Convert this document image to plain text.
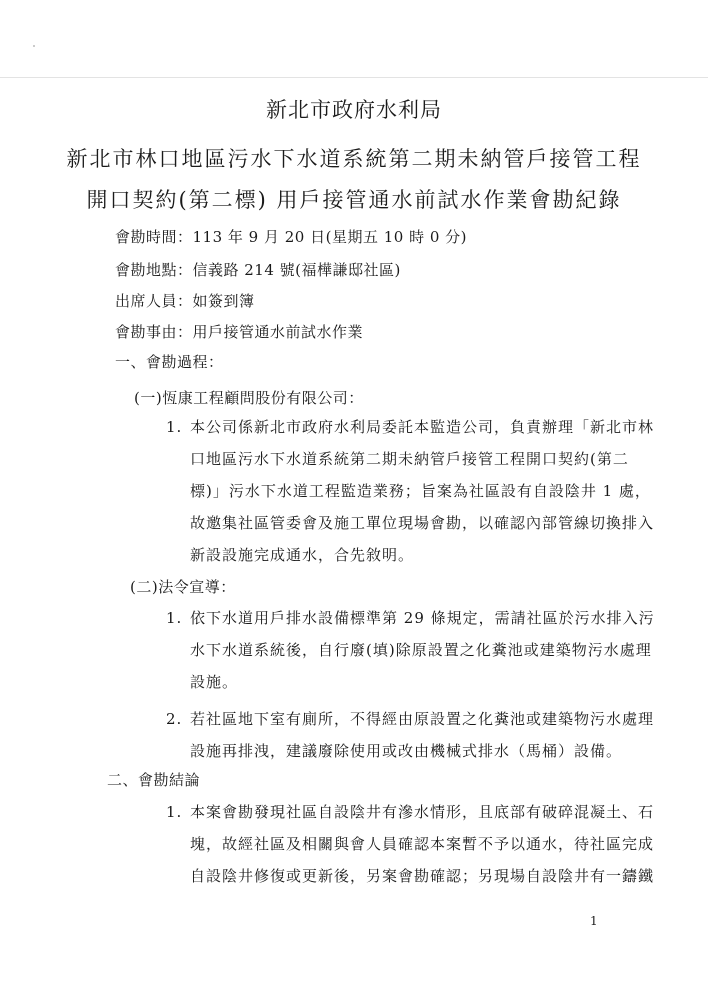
新北市政府水利局
新北市林口地區污水下水道系統第二期未納管戶接管工程
開口契約(第二標) 用戶接管通水前試水作業會勘紀錄
會勘時間：113 年 9 月 20 日(星期五 10 時 0 分)
會勘地點：信義路 214 號(福樺謙邸社區)
出席人員：如簽到簿
會勘事由：用戶接管通水前試水作業
一、會勘過程：
(一)恆康工程顧問股份有限公司：
1. 本公司係新北市政府水利局委託本監造公司，負責辦理「新北市林
口地區污水下水道系統第二期未納管戶接管工程開口契約(第二
標)」污水下水道工程監造業務；旨案為社區設有自設陰井 1 處，
故邀集社區管委會及施工單位現場會勘，以確認內部管線切換排入
新設設施完成通水，合先敘明。
(二)法令宣導：
1. 依下水道用戶排水設備標準第 29 條規定，需請社區於污水排入污
水下水道系統後，自行廢(填)除原設置之化糞池或建築物污水處理
設施。
2. 若社區地下室有廁所，不得經由原設置之化糞池或建築物污水處理
設施再排洩，建議廢除使用或改由機械式排水（馬桶）設備。
二、會勘結論
1. 本案會勘發現社區自設陰井有滲水情形，且底部有破碎混凝土、石
塊，故經社區及相關與會人員確認本案暫不予以通水，待社區完成
自設陰井修復或更新後，另案會勘確認；另現場自設陰井有一鑄鐵
1
